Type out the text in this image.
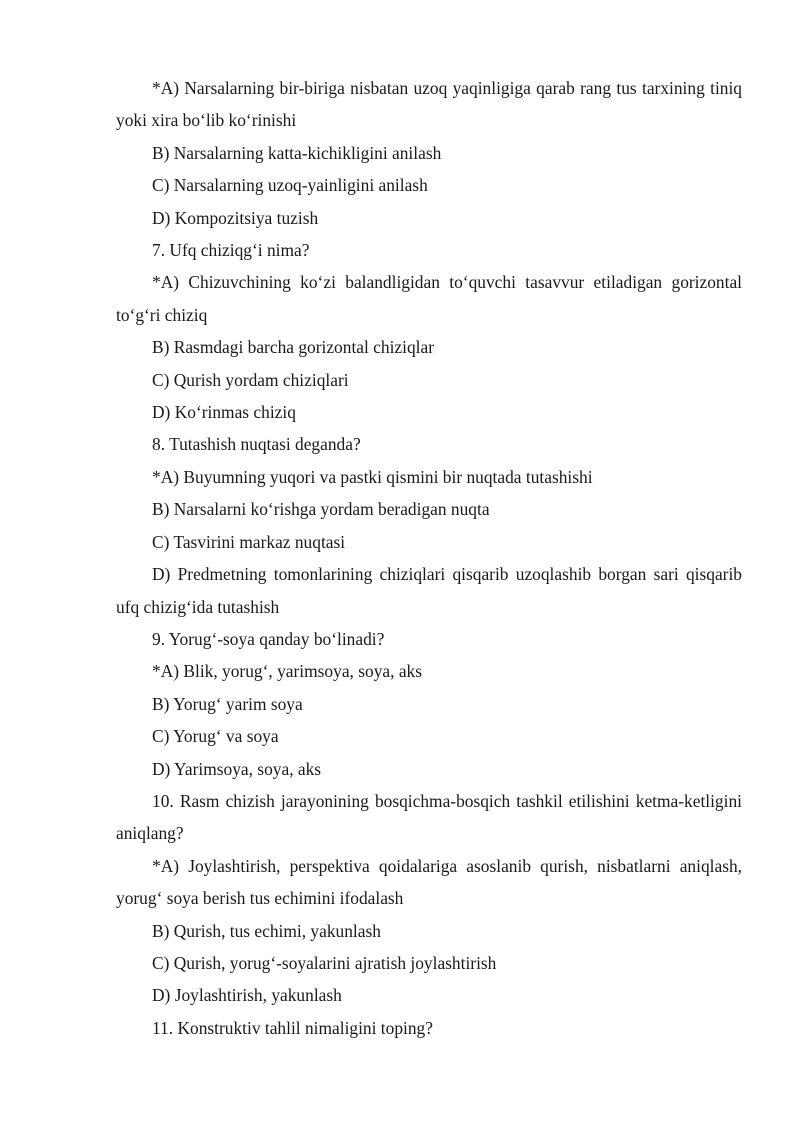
*A) Narsalarning bir-biriga nisbatan uzoq yaqinligiga qarab rang tus tarxining tiniq yoki xira bo‘lib ko‘rinishi

B) Narsalarning katta-kichikligini anilash

C) Narsalarning uzoq-yainligini anilash

D) Kompozitsiya tuzish

7. Ufq chiziqg‘i nima?

*A) Chizuvchining ko‘zi balandligidan to‘quvchi tasavvur etiladigan gorizontal to‘g‘ri chiziq

B) Rasmdagi barcha gorizontal chiziqlar

C) Qurish yordam chiziqlari

D) Ko‘rinmas chiziq

8. Tutashish nuqtasi deganda?

*A) Buyumning yuqori va pastki qismini bir nuqtada tutashishi

B) Narsalarni ko‘rishga yordam beradigan nuqta

C) Tasvirini markaz nuqtasi

D) Predmetning tomonlarining chiziqlari qisqarib uzoqlashib borgan sari qisqarib ufq chizig‘ida tutashish

9. Yorug‘-soya qanday bo‘linadi?

*A) Blik, yorug‘, yarimsoya, soya, aks

B) Yorug‘ yarim soya

C) Yorug‘ va soya

D) Yarimsoya, soya, aks

10. Rasm chizish jarayonining bosqichma-bosqich tashkil etilishini ketma-ketligini aniqlang?

*A) Joylashtirish, perspektiva qoidalariga asoslanib qurish, nisbatlarni aniqlash, yorug‘ soya berish tus echimini ifodalash

B) Qurish, tus echimi, yakunlash

C) Qurish, yorug‘-soyalarini ajratish joylashtirish

D) Joylashtirish, yakunlash

11. Konstruktiv tahlil nimaligini toping?
